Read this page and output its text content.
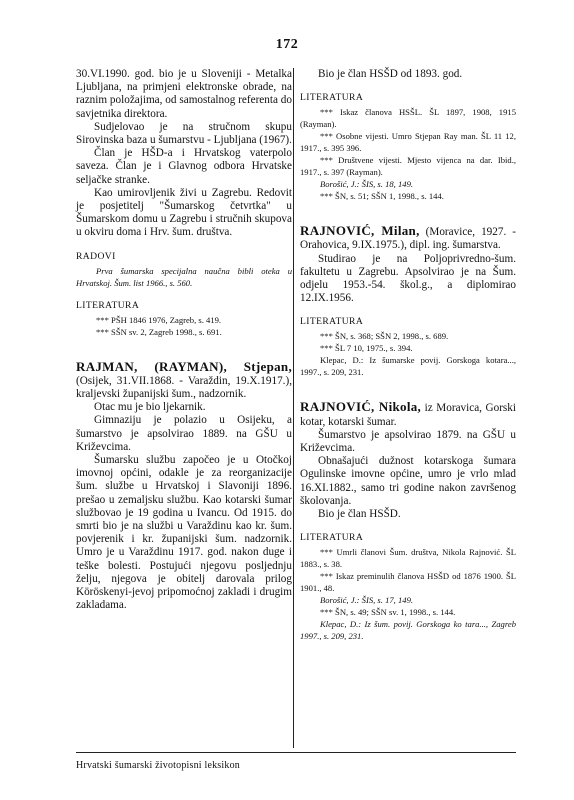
172

30.VI.1990. god. bio je u Sloveniji - Metalka Ljubljana, na primjeni elektronske obrade, na raznim položajima, od samostalnog referenta do savjetnika direktora.

Sudjelovao je na stručnom skupu Sirovinska baza u šumarstvu - Ljubljana (1967).

Član je HŠD-a i Hrvatskog vaterpolo saveza. Član je i Glavnog odbora Hrvatske seljačke stranke.

Kao umirovljenik živi u Zagrebu. Redovit je posjetitelj "Šumarskog četvrtka" u Šumarskom domu u Zagrebu i stručnih skupova u okviru doma i Hrv. šum. društva.

RADOVI

Prva šumarska specijalna naučna bibli oteka u Hrvatskoj. Šum. list 1966., s. 560.

LITERATURA

*** PŠH 1846 1976, Zagreb, s. 419.

*** SŠN sv. 2, Zagreb 1998., s. 691.

RAJMAN, (RAYMAN), Stjepan, (Osijek, 31.VII.1868. - Varaždin, 19.X.1917.), kraljevski županijski šum., nadzornik.

Otac mu je bio ljekarnik.

Gimnaziju je polazio u Osijeku, a šumarstvo je apsolvirao 1889. na GŠU u Križevcima.

Šumarsku službu započeo je u Otočkoj imovnoj općini, odakle je za reorganizacije šum. službe u Hrvatskoj i Slavoniji 1896. prešao u zemaljsku službu. Kao kotarski šumar službovao je 19 godina u Ivancu. Od 1915. do smrti bio je na službi u Varaždinu kao kr. šum. povjerenik i kr. županijski šum. nadzornik. Umro je u Varaždinu 1917. god. nakon duge i teške bolesti. Postujući njegovu posljednju želju, njegova je obitelj darovala prilog Köröskenyi-jevoj pripomoćnoj zakladi i drugim zakladama.

Bio je član HSŠD od 1893. god.

LITERATURA

*** Iskaz članova HSŠL. ŠL 1897, 1908, 1915 (Rayman).

*** Osobne vijesti. Umro Stjepan Ray man. ŠL 11 12, 1917., s. 395 396.

*** Društvene vijesti. Mjesto vijenca na dar. Ibid., 1917., s. 397 (Rayman).

Borošić, J.: ŠIS, s. 18, 149.

*** ŠN, s. 51; SŠN 1, 1998., s. 144.

RAJNOVIĆ, Milan, (Moravice, 1927. - Orahovica, 9.IX.1975.), dipl. ing. šumarstva.

Studirao je na Poljoprivredno-šum. fakultetu u Zagrebu. Apsolvirao je na Šum. odjelu 1953.-54. škol.g., a diplomirao 12.IX.1956.

LITERATURA

*** ŠN, s. 368; SŠN 2, 1998., s. 689.

*** ŠL 7 10, 1975., s. 394.

Klepac, D.: Iz šumarske povij. Gorskoga kotara..., 1997., s. 209, 231.

RAJNOVIĆ, Nikola, iz Moravica, Gorski kotar, kotarski šumar.

Šumarstvo je apsolvirao 1879. na GŠU u Križevcima.

Obnašajući dužnost kotarskoga šumara Ogulinske imovne općine, umro je vrlo mlad 16.XI.1882., samo tri godine nakon završenog školovanja.

Bio je član HSŠD.

LITERATURA

*** Umrli članovi Šum. društva, Nikola Rajnović. ŠL 1883., s. 38.

*** Iskaz preminulih članova HSŠD od 1876 1900. ŠL 1901., 48.

Borošić, J.: ŠIS, s. 17, 149.

*** ŠN, s. 49; SŠN sv. 1, 1998., s. 144.

Klepac, D.: Iz šum. povij. Gorskoga ko tara..., Zagreb 1997., s. 209, 231.

Hrvatski šumarski životopisni leksikon
